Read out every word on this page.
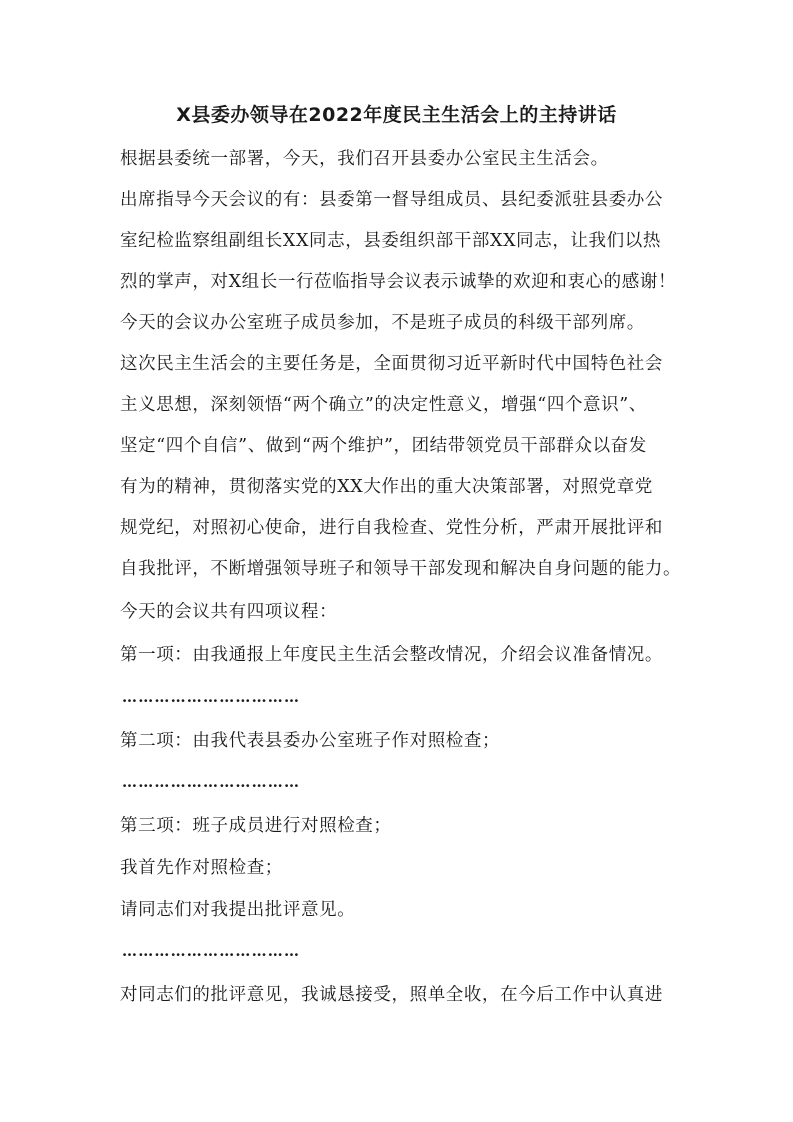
X县委办领导在2022年度民主生活会上的主持讲话
根据县委统一部署，今天，我们召开县委办公室民主生活会。
出席指导今天会议的有：县委第一督导组成员、县纪委派驻县委办公
室纪检监察组副组长XX同志，县委组织部干部XX同志，让我们以热
烈的掌声，对X组长一行莅临指导会议表示诚挚的欢迎和衷心的感谢！
今天的会议办公室班子成员参加，不是班子成员的科级干部列席。
这次民主生活会的主要任务是，全面贯彻习近平新时代中国特色社会
主义思想，深刻领悟“两个确立”的决定性意义，增强“四个意识”、
坚定“四个自信”、做到“两个维护”，团结带领党员干部群众以奋发
有为的精神，贯彻落实党的XX大作出的重大决策部署，对照党章党
规党纪，对照初心使命，进行自我检查、党性分析，严肃开展批评和
自我批评，不断增强领导班子和领导干部发现和解决自身问题的能力。
今天的会议共有四项议程：
第一项：由我通报上年度民主生活会整改情况，介绍会议准备情况。
……………………………
第二项：由我代表县委办公室班子作对照检查；
……………………………
第三项：班子成员进行对照检查；
我首先作对照检查；
请同志们对我提出批评意见。
……………………………
对同志们的批评意见，我诚恳接受，照单全收，在今后工作中认真进
